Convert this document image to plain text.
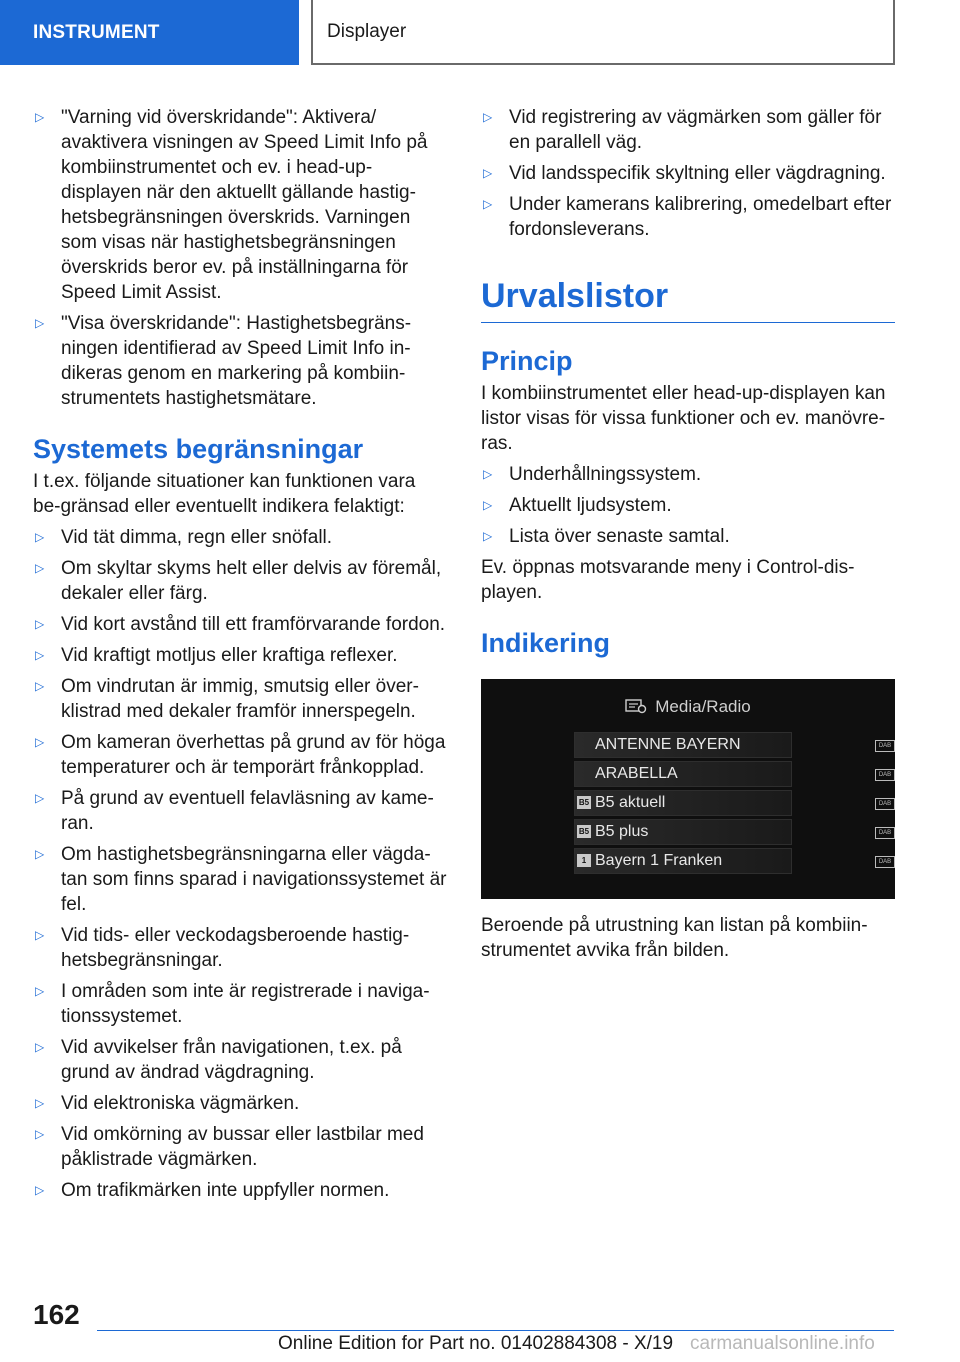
INSTRUMENT	Displayer
▷ "Varning vid överskridande": Aktivera/ avaktivera visningen av Speed Limit Info på kombiinstrumentet och ev. i head-up-displayen när den aktuellt gällande hastig-hetsbegränsningen överskrids. Varningen som visas när hastighetsbegränsningen överskrids beror ev. på inställningarna för Speed Limit Assist.
▷ "Visa överskridande": Hastighetsbegräns-ningen identifierad av Speed Limit Info in-dikeras genom en markering på kombiin-strumentets hastighetsmätare.
Systemets begränsningar

I t.ex. följande situationer kan funktionen vara be-gränsad eller eventuellt indikera felaktigt:

▷ Vid tät dimma, regn eller snöfall.
▷ Om skyltar skyms helt eller delvis av föremål, dekaler eller färg.
▷ Vid kort avstånd till ett framförvarande fordon.
▷ Vid kraftigt motljus eller kraftiga reflexer.
▷ Om vindrutan är immig, smutsig eller över-klistrad med dekaler framför innerspegeln.
▷ Om kameran överhettas på grund av för höga temperaturer och är temporärt frånkopplad.
▷ På grund av eventuell felavläsning av kame-ran.
▷ Om hastighetsbegränsningarna eller vägda-tan som finns sparad i navigationssystemet är fel.
▷ Vid tids- eller veckodagsberoende hastig-hetsbegränsningar.
▷ I områden som inte är registrerade i naviga-tionssystemet.
▷ Vid avvikelser från navigationen, t.ex. på grund av ändrad vägdragning.
▷ Vid elektroniska vägmärken.
▷ Vid omkörning av bussar eller lastbilar med påklistrade vägmärken.
▷ Om trafikmärken inte uppfyller normen.
▷ Vid registrering av vägmärken som gäller för en parallell väg.
▷ Vid landsspecifik skyltning eller vägdragning.
▷ Under kamerans kalibrering, omedelbart efter fordonsleverans.
Urvalslistor
Princip

I kombiinstrumentet eller head-up-displayen kan listor visas för vissa funktioner och ev. manövre-ras.

▷ Underhållningssystem.
▷ Aktuellt ljudsystem.
▷ Lista över senaste samtal.

Ev. öppnas motsvarande meny i Control-dis-playen.

Indikering
Media/Radio
ANTENNE BAYERN	DAB
ARABELLA	DAB
B5 B5 aktuell	DAB
B5 B5 plus	DAB
1 Bayern 1 Franken	DAB
Beroende på utrustning kan listan på kombiin-strumentet avvika från bilden.
162
Online Edition for Part no. 01402884308 - X/19 carmanualsonline.info
